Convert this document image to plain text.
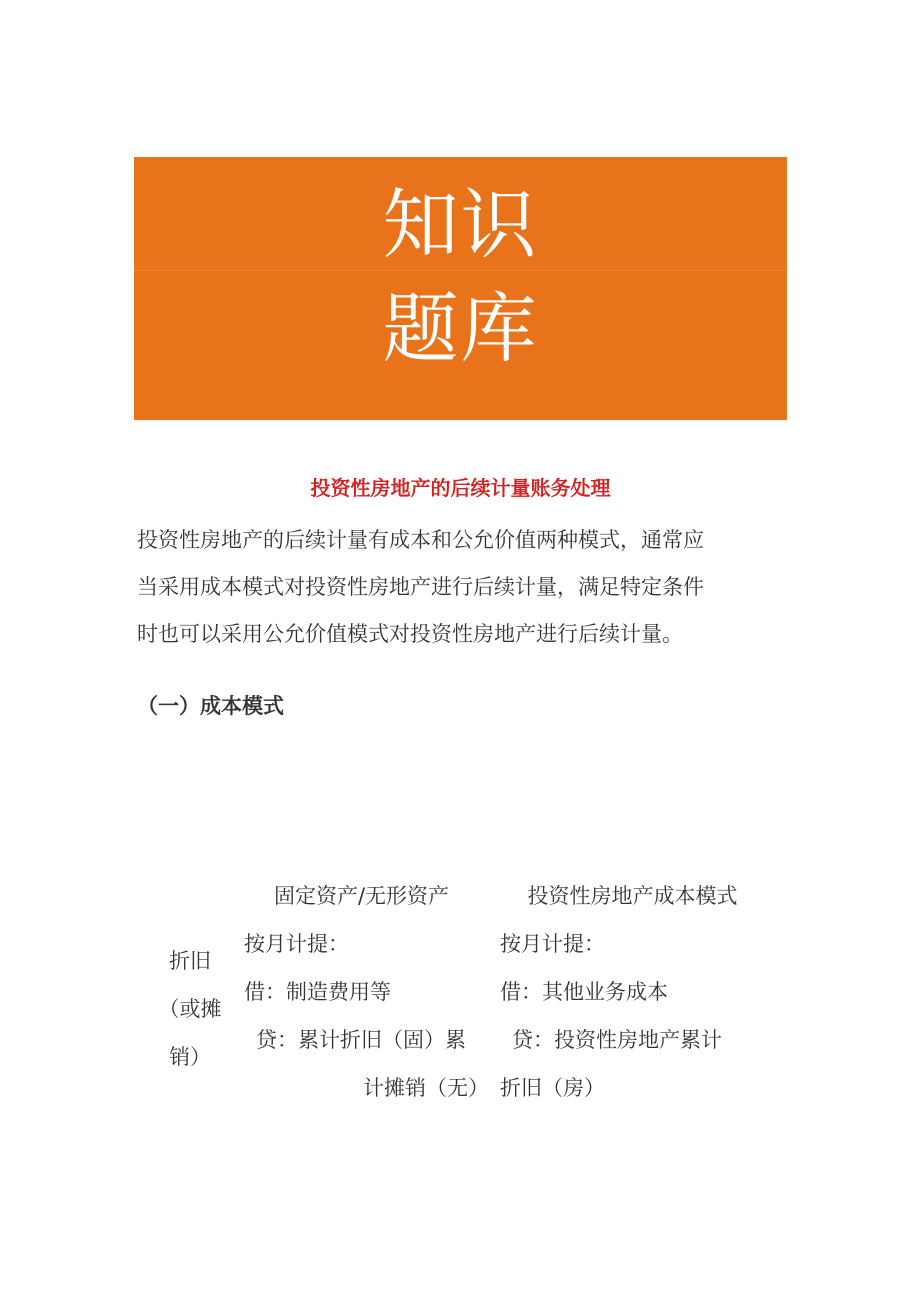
知识
题库
投资性房地产的后续计量账务处理

投资性房地产的后续计量有成本和公允价值两种模式，通常应
当采用成本模式对投资性房地产进行后续计量，满足特定条件
时也可以采用公允价值模式对投资性房地产进行后续计量。

（一）成本模式
固定资产/无形资产	投资性房地产成本模式
折旧
（或摊
销）
按月计提：
借：制造费用等
贷：累计折旧（固）累
计摊销（无）
按月计提：
借：其他业务成本
贷：投资性房地产累计
折旧（房）
